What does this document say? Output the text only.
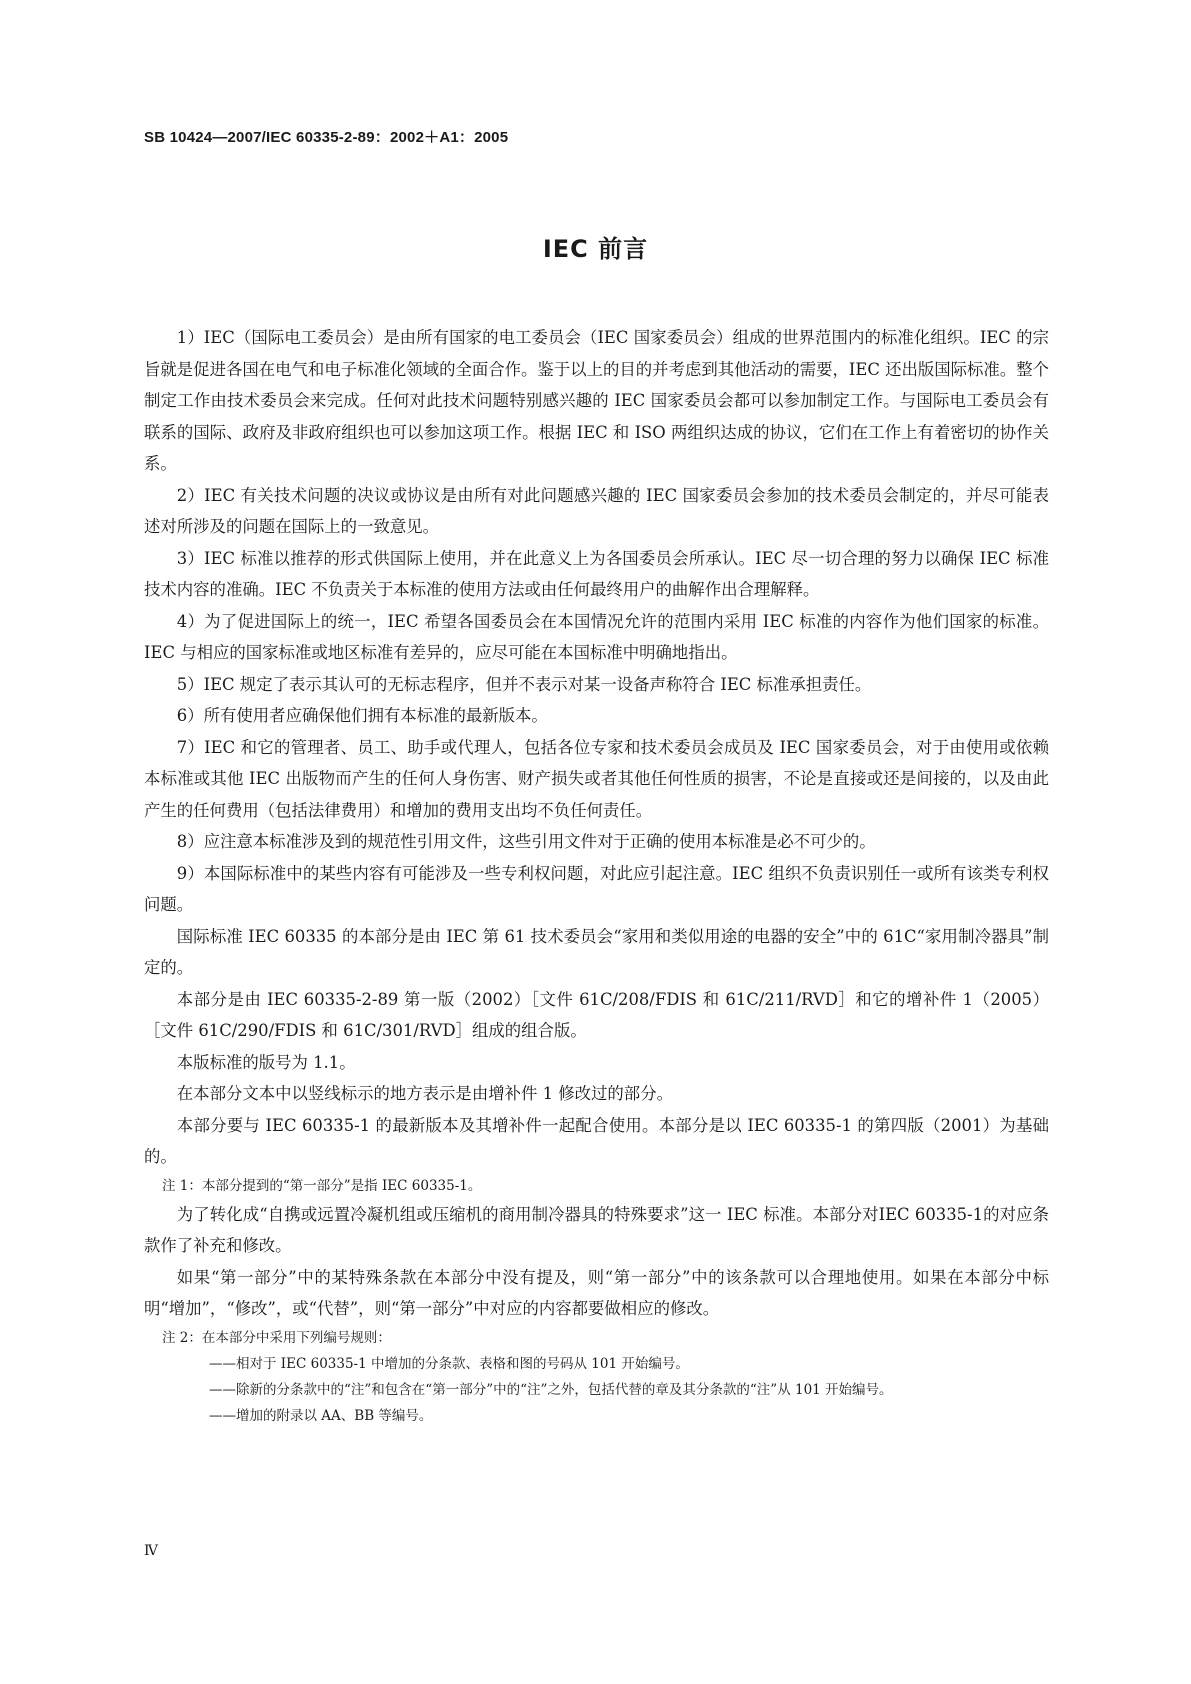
SB 10424—2007/IEC 60335-2-89：2002＋A1：2005
IEC 前言

1）IEC（国际电工委员会）是由所有国家的电工委员会（IEC 国家委员会）组成的世界范围内的标准化组织。IEC 的宗旨就是促进各国在电气和电子标准化领域的全面合作。鉴于以上的目的并考虑到其他活动的需要，IEC 还出版国际标准。整个制定工作由技术委员会来完成。任何对此技术问题特别感兴趣的 IEC 国家委员会都可以参加制定工作。与国际电工委员会有联系的国际、政府及非政府组织也可以参加这项工作。根据 IEC 和 ISO 两组织达成的协议，它们在工作上有着密切的协作关系。

2）IEC 有关技术问题的决议或协议是由所有对此问题感兴趣的 IEC 国家委员会参加的技术委员会制定的，并尽可能表述对所涉及的问题在国际上的一致意见。

3）IEC 标准以推荐的形式供国际上使用，并在此意义上为各国委员会所承认。IEC 尽一切合理的努力以确保 IEC 标准技术内容的准确。IEC 不负责关于本标准的使用方法或由任何最终用户的曲解作出合理解释。

4）为了促进国际上的统一，IEC 希望各国委员会在本国情况允许的范围内采用 IEC 标准的内容作为他们国家的标准。IEC 与相应的国家标准或地区标准有差异的，应尽可能在本国标准中明确地指出。

5）IEC 规定了表示其认可的无标志程序，但并不表示对某一设备声称符合 IEC 标准承担责任。

6）所有使用者应确保他们拥有本标准的最新版本。

7）IEC 和它的管理者、员工、助手或代理人，包括各位专家和技术委员会成员及 IEC 国家委员会，对于由使用或依赖本标准或其他 IEC 出版物而产生的任何人身伤害、财产损失或者其他任何性质的损害，不论是直接或还是间接的，以及由此产生的任何费用（包括法律费用）和增加的费用支出均不负任何责任。

8）应注意本标准涉及到的规范性引用文件，这些引用文件对于正确的使用本标准是必不可少的。

9）本国际标准中的某些内容有可能涉及一些专利权问题，对此应引起注意。IEC 组织不负责识别任一或所有该类专利权问题。

国际标准 IEC 60335 的本部分是由 IEC 第 61 技术委员会“家用和类似用途的电器的安全”中的 61C“家用制冷器具”制定的。

本部分是由 IEC 60335-2-89 第一版（2002）［文件 61C/208/FDIS 和 61C/211/RVD］和它的增补件 1（2005）［文件 61C/290/FDIS 和 61C/301/RVD］组成的组合版。

本版标准的版号为 1.1。

在本部分文本中以竖线标示的地方表示是由增补件 1 修改过的部分。

本部分要与 IEC 60335-1 的最新版本及其增补件一起配合使用。本部分是以 IEC 60335-1 的第四版（2001）为基础的。

注 1：本部分提到的“第一部分”是指 IEC 60335-1。

为了转化成“自携或远置冷凝机组或压缩机的商用制冷器具的特殊要求”这一 IEC 标准。本部分对IEC 60335-1的对应条款作了补充和修改。

如果“第一部分”中的某特殊条款在本部分中没有提及，则“第一部分”中的该条款可以合理地使用。如果在本部分中标明“增加”，“修改”，或“代替”，则“第一部分”中对应的内容都要做相应的修改。

注 2：在本部分中采用下列编号规则：

——相对于 IEC 60335-1 中增加的分条款、表格和图的号码从 101 开始编号。

——除新的分条款中的“注”和包含在“第一部分”中的“注”之外，包括代替的章及其分条款的“注”从 101 开始编号。

——增加的附录以 AA、BB 等编号。

Ⅳ
